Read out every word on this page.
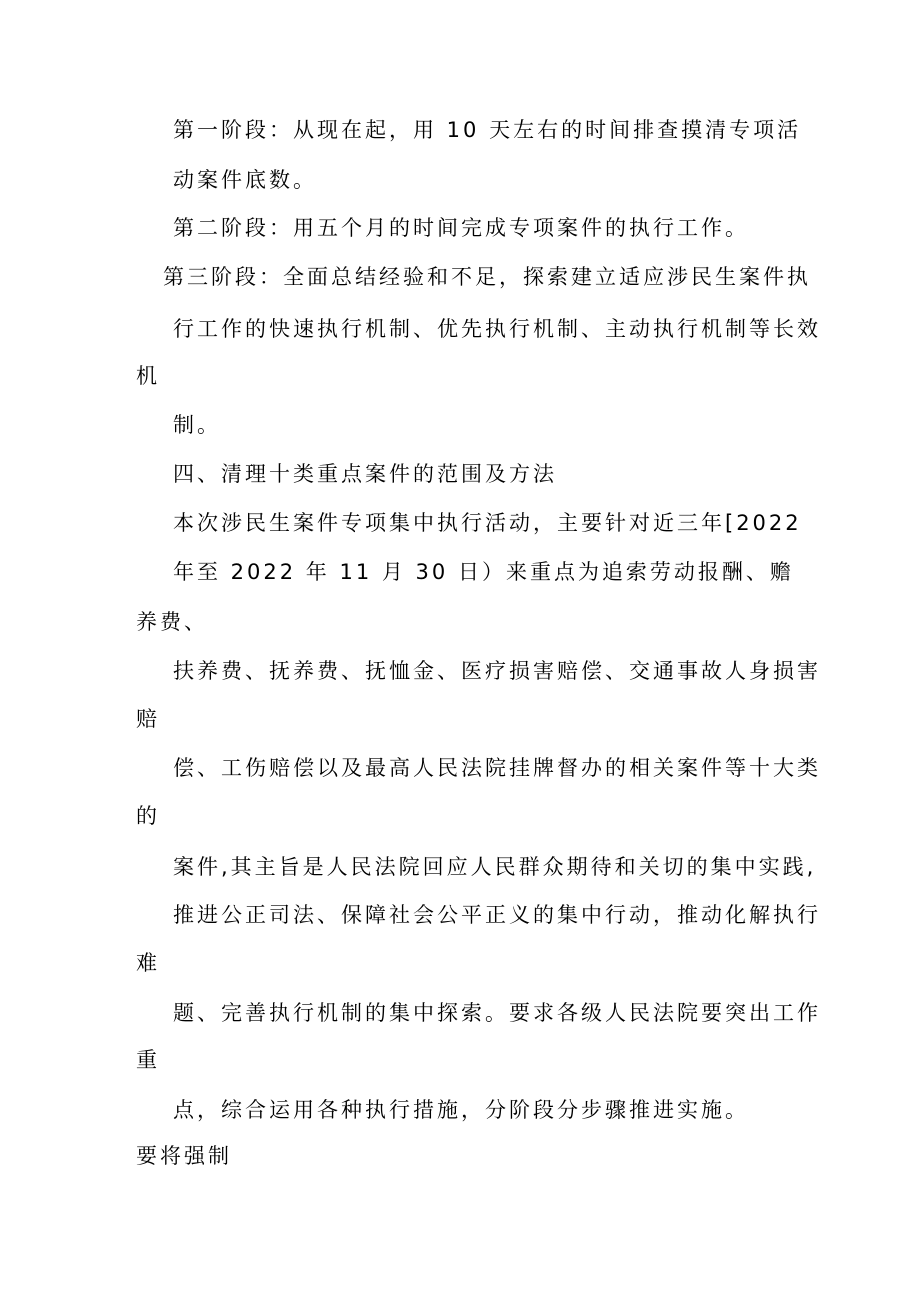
第一阶段：从现在起，用 10 天左右的时间排查摸清专项活
动案件底数。
第二阶段：用五个月的时间完成专项案件的执行工作。
第三阶段：全面总结经验和不足，探索建立适应涉民生案件执
行工作的快速执行机制、优先执行机制、主动执行机制等长效
机
制。
四、清理十类重点案件的范围及方法
本次涉民生案件专项集中执行活动，主要针对近三年[2022
年至 2022 年 11 月 30 日）来重点为追索劳动报酬、赡
养费、
扶养费、抚养费、抚恤金、医疗损害赔偿、交通事故人身损害
赔
偿、工伤赔偿以及最高人民法院挂牌督办的相关案件等十大类
的
案件,其主旨是人民法院回应人民群众期待和关切的集中实践,
推进公正司法、保障社会公平正义的集中行动，推动化解执行
难
题、完善执行机制的集中探索。要求各级人民法院要突出工作
重
点，综合运用各种执行措施，分阶段分步骤推进实施。
要将强制
